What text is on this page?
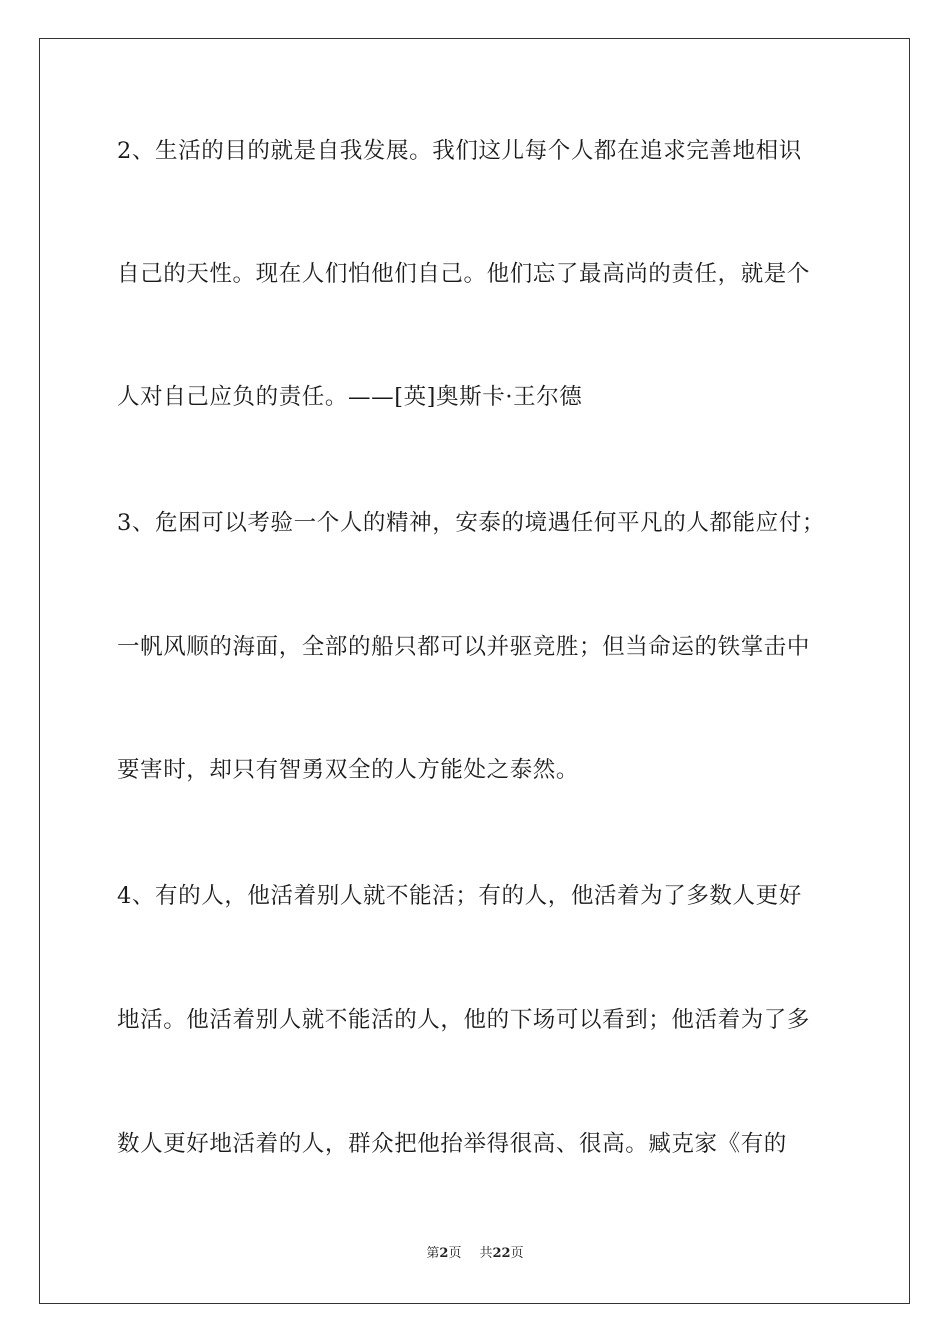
2、生活的目的就是自我发展。我们这儿每个人都在追求完善地相识
自己的天性。现在人们怕他们自己。他们忘了最高尚的责任，就是个
人对自己应负的责任。——[英]奥斯卡·王尔德
3、危困可以考验一个人的精神，安泰的境遇任何平凡的人都能应付；
一帆风顺的海面，全部的船只都可以并驱竞胜；但当命运的铁掌击中
要害时，却只有智勇双全的人方能处之泰然。
4、有的人，他活着别人就不能活；有的人，他活着为了多数人更好
地活。他活着别人就不能活的人，他的下场可以看到；他活着为了多
数人更好地活着的人，群众把他抬举得很高、很高。臧克家《有的
第2页 共22页
